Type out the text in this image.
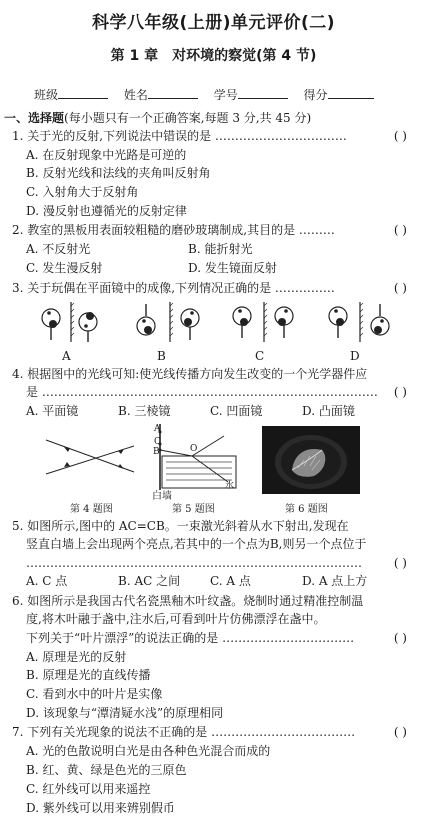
科学八年级(上册)单元评价(二)
第 1 章 对环境的察觉(第 4 节)
班级	姓名	学号	得分
一、选择题(每小题只有一个正确答案,每题 3 分,共 45 分)
1. 关于光的反射,下列说法中错误的是 ……………………………	( )
A. 在反射现象中光路是可逆的
B. 反射光线和法线的夹角叫反射角
C. 入射角大于反射角
D. 漫反射也遵循光的反射定律
2. 教室的黑板用表面较粗糙的磨砂玻璃制成,其目的是 ………	( )
A. 不反射光	B. 能折射光
C. 发生漫反射	D. 发生镜面反射
3. 关于玩偶在平面镜中的成像,下列情况正确的是 ……………	( )
A	B	C	D
4. 根据图中的光线可知:使光线传播方向发生改变的一个光学器件应
是 ………………………………………………………………………… ( )
A. 平面镜	B. 三棱镜	C. 凹面镜	D. 凸面镜
第 4 题图
A
C
B	O
水
白墙
第 5 题图	第 6 题图
5. 如图所示,图中的 AC=CB。一束激光斜着从水下射出,发现在
竖直白墙上会出现两个亮点,若其中的一个点为B,则另一个点位于
…………………………………………………………………………	( )
A. C 点	B. AC 之间 C. A 点	D. A 点上方
6. 如图所示是我国古代名瓷黑釉木叶纹盏。烧制时通过精准控制温
度,将木叶融于盏中,注水后,可看到叶片仿佛漂浮在盏中。
下列关于“叶片漂浮”的说法正确的是 ……………………………	( )
A. 原理是光的反射
B. 原理是光的直线传播
C. 看到水中的叶片是实像
D. 该现象与“潭清疑水浅”的原理相同
7. 下列有关光现象的说法不正确的是 ………………………………	( )
A. 光的色散说明白光是由各种色光混合而成的
B. 红、黄、绿是色光的三原色
C. 红外线可以用来遥控
D. 紫外线可以用来辨别假币
